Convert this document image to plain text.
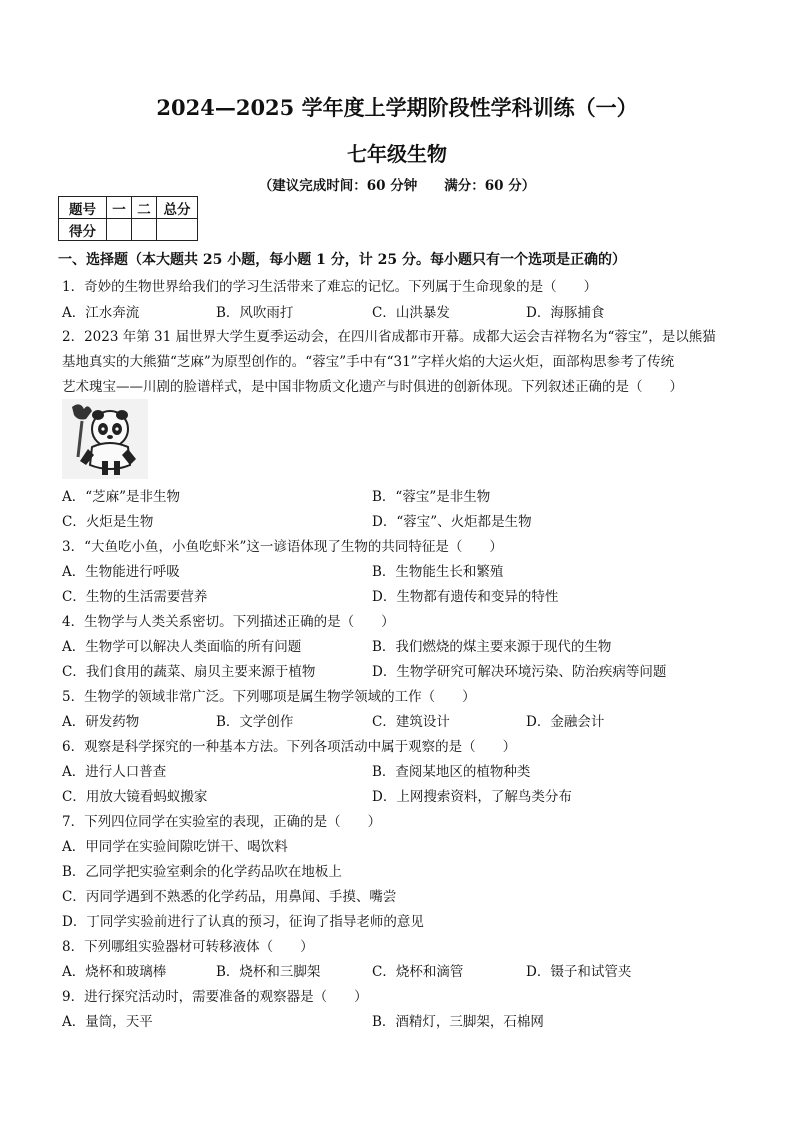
2024—2025 学年度上学期阶段性学科训练（一）
七年级生物
（建议完成时间：60 分钟　　满分：60 分）
题号	一	二	总分
得分			
一、选择题（本大题共 25 小题，每小题 1 分，计 25 分。每小题只有一个选项是正确的）
1．奇妙的生物世界给我们的学习生活带来了难忘的记忆。下列属于生命现象的是（　　）
A．江水奔流	B．风吹雨打	C．山洪暴发	D．海豚捕食
2．2023 年第 31 届世界大学生夏季运动会，在四川省成都市开幕。成都大运会吉祥物名为“蓉宝”，是以熊猫
基地真实的大熊猫“芝麻”为原型创作的。“蓉宝”手中有“31”字样火焰的大运火炬，面部构思参考了传统
艺术瑰宝——川剧的脸谱样式，是中国非物质文化遗产与时俱进的创新体现。下列叙述正确的是（　　）
A．“芝麻”是非生物	B．“蓉宝”是非生物
C．火炬是生物	D．“蓉宝”、火炬都是生物
3．“大鱼吃小鱼，小鱼吃虾米”这一谚语体现了生物的共同特征是（　　）
A．生物能进行呼吸	B．生物能生长和繁殖
C．生物的生活需要营养	D．生物都有遗传和变异的特性
4．生物学与人类关系密切。下列描述正确的是（　　）
A．生物学可以解决人类面临的所有问题	B．我们燃烧的煤主要来源于现代的生物
C．我们食用的蔬菜、扇贝主要来源于植物	D．生物学研究可解决环境污染、防治疾病等问题
5．生物学的领域非常广泛。下列哪项是属生物学领域的工作（　　）
A．研发药物	B．文学创作	C．建筑设计	D．金融会计
6．观察是科学探究的一种基本方法。下列各项活动中属于观察的是（　　）
A．进行人口普查	B．查阅某地区的植物种类
C．用放大镜看蚂蚁搬家	D．上网搜索资料，了解鸟类分布
7．下列四位同学在实验室的表现，正确的是（　　）
A．甲同学在实验间隙吃饼干、喝饮料
B．乙同学把实验室剩余的化学药品吹在地板上
C．丙同学遇到不熟悉的化学药品，用鼻闻、手摸、嘴尝
D．丁同学实验前进行了认真的预习，征询了指导老师的意见
8．下列哪组实验器材可转移液体（　　）
A．烧杯和玻璃棒	B．烧杯和三脚架	C．烧杯和滴管	D．镊子和试管夹
9．进行探究活动时，需要准备的观察器是（　　）
A．量筒，天平	B．酒精灯，三脚架，石棉网
